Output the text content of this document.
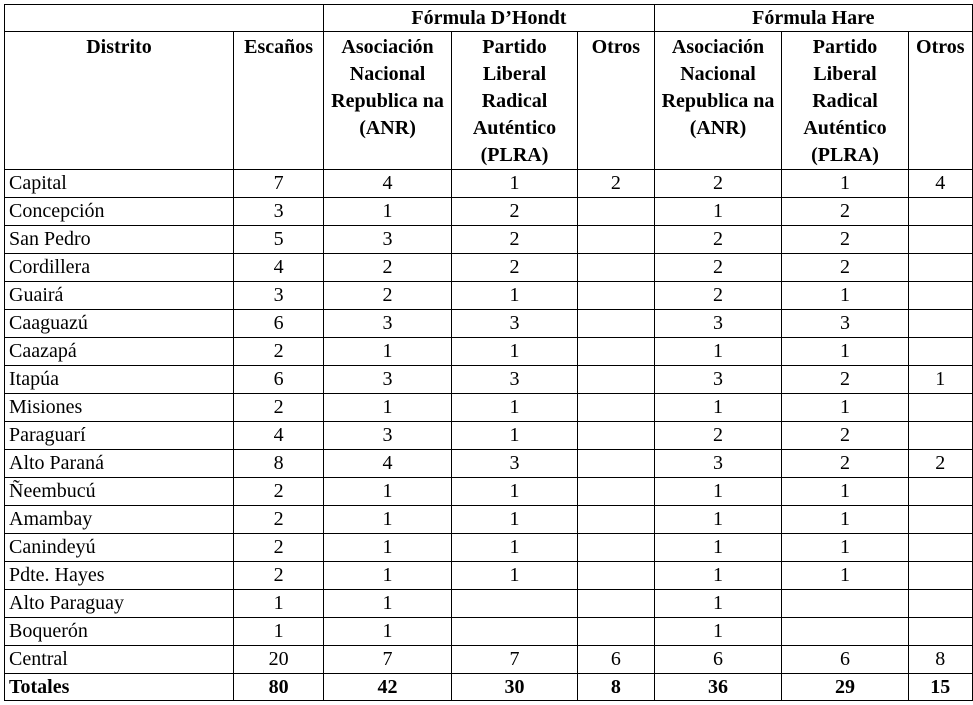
		Fórmula D’Hondt			Fórmula Hare		
Distrito	Escaños	Asociación Nacional Republica na (ANR)	Partido Liberal Radical Auténtico (PLRA)	Otros	Asociación Nacional Republica na (ANR)	Partido Liberal Radical Auténtico (PLRA)	Otros
Capital	7	4	1	2	2	1	4
Concepción	3	1	2		1	2	
San Pedro	5	3	2		2	2	
Cordillera	4	2	2		2	2	
Guairá	3	2	1		2	1	
Caaguazú	6	3	3		3	3	
Caazapá	2	1	1		1	1	
Itapúa	6	3	3		3	2	1
Misiones	2	1	1		1	1	
Paraguarí	4	3	1		2	2	
Alto Paraná	8	4	3		3	2	2
Ñeembucú	2	1	1		1	1	
Amambay	2	1	1		1	1	
Canindeyú	2	1	1		1	1	
Pdte. Hayes	2	1	1		1	1	
Alto Paraguay	1	1			1		
Boquerón	1	1			1		
Central	20	7	7	6	6	6	8
Totales	80	42	30	8	36	29	15
